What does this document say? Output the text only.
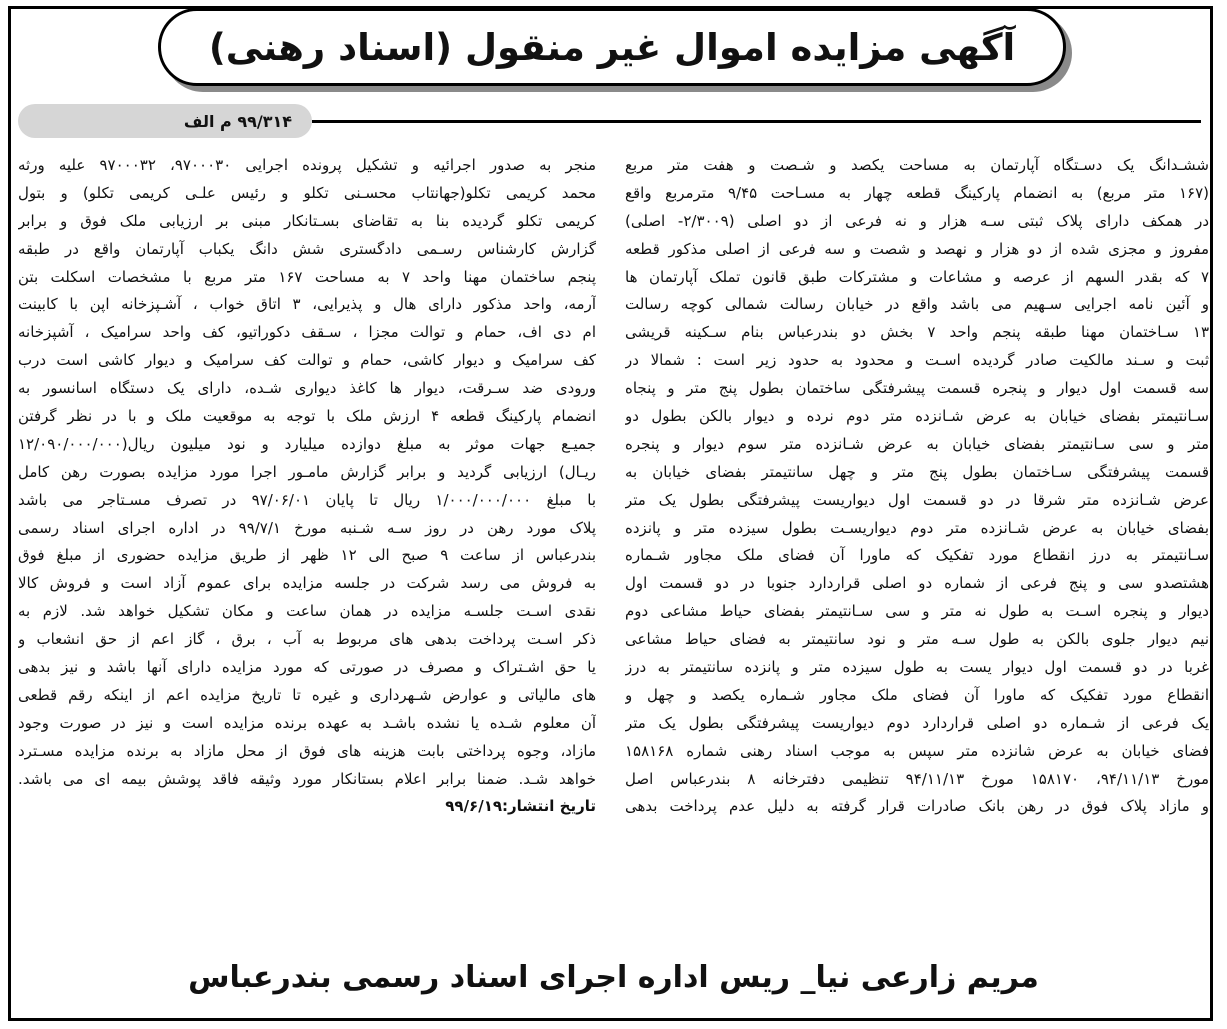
آگهی مزایده اموال غیر منقول (اسناد رهنی)
۹۹/۳۱۴ م الف
ششـدانگ یک دسـتگاه آپارتمان به مساحت یکصد و شـصت و هفت متر مربع
(۱۶۷ متر مربع) به انضمام پارکینگ قطعه چهار به مسـاحت ۹/۴۵ مترمربع واقع
در همکف دارای پلاک ثبتی سـه هزار و نه فرعی از دو اصلی (۲/۳۰۰۹- اصلی)
مفروز و مجزی شده از دو هزار و نهصد و شصت و سه فرعی از اصلی مذکور قطعه
۷ که بقدر السهم از عرصه و مشاعات و مشترکات طبق قانون تملک آپارتمان ها
و آئین نامه اجرایی سـهیم می باشد واقع در خیابان رسالت شمالی کوچه رسالت
۱۳ سـاختمان مهنا طبقه پنجم واحد ۷ بخش دو بندرعباس بنام سـکینه قریشی
ثبت و سـند مالکیت صادر گردیده اسـت و محدود به حدود زیر است : شمالا در
سه قسمت اول دیوار و پنجره قسمت پیشرفتگی ساختمان بطول پنج متر و پنجاه
سـانتیمتر بفضای خیابان به عرض شـانزده متر دوم نرده و دیوار بالکن بطول دو
متر و سی سـانتیمتر بفضای خیابان به عرض شـانزده متر سوم دیوار و پنجره
قسمت پیشرفتگی سـاختمان بطول پنج متر و چهل سانتیمتر بفضای خیابان به
عرض شـانزده متر شرقا در دو قسمت اول دیواریست پیشرفتگی بطول یک متر
بفضای خیابان به عرض شـانزده متر دوم دیواریسـت بطول سیزده متر و پانزده
سـانتیمتر به درز انقطاع مورد تفکیک که ماورا آن فضای ملک مجاور شـماره
هشتصدو سی و پنج فرعی از شماره دو اصلی قراردارد جنوبا در دو قسمت اول
دیوار و پنجره اسـت به طول نه متر و سی سـانتیمتر بفضای حیاط مشاعی دوم
نیم دیوار جلوی بالکن به طول سـه متر و نود سانتیمتر به فضای حیاط مشاعی
غربا در دو قسمت اول دیوار یست به طول سیزده متر و پانزده سانتیمتر به درز
انقطاع مورد تفکیک که ماورا آن فضای ملک مجاور شـماره یکصد و چهل و
یک فرعی از شـماره دو اصلی قراردارد دوم دیواریست پیشرفتگی بطول یک متر
فضای خیابان به عرض شانزده متر سپس به موجب اسناد رهنی شماره ۱۵۸۱۶۸
مورخ ۹۴/۱۱/۱۳، ۱۵۸۱۷۰ مورخ ۹۴/۱۱/۱۳ تنظیمی دفترخانه ۸ بندرعباس اصل
و مازاد پلاک فوق در رهن بانک صادرات قرار گرفته به دلیل عدم پرداخت بدهی
منجر به صدور اجرائیه و تشکیل پرونده اجرایی ۹۷۰۰۰۳۰، ۹۷۰۰۰۳۲ علیه ورثه
محمد کریمی تکلو(جهانتاب محسـنی تکلو و رئیس علـی کریمی تکلو) و بتول
کریمی تکلو گردیده بنا به تقاضای بسـتانکار مبنی بر ارزیابی ملک فوق و برابر
گزارش کارشناس رسـمی دادگستری شش دانگ یکباب آپارتمان واقع در طبقه
پنجم ساختمان مهنا واحد ۷ به مساحت ۱۶۷ متر مربع با مشخصات اسکلت بتن
آرمه، واحد مذکور دارای هال و پذیرایی، ۳ اتاق خواب ، آشـپزخانه اپن با کابینت
ام دی اف، حمام و توالت مجزا ، سـقف دکوراتیو، کف واحد سرامیک ، آشپزخانه
کف سرامیک و دیوار کاشی، حمام و توالت کف سرامیک و دیوار کاشی است درب
ورودی ضد سـرقت، دیوار ها کاغذ دیواری شـده، دارای یک دستگاه اسانسور به
انضمام پارکینگ قطعه ۴ ارزش ملک با توجه به موقعیت ملک و با در نظر گرفتن
جمیـع جهات موثر به مبلغ دوازده میلیارد و نود میلیون ریال(۱۲/۰۹۰/۰۰۰/۰۰۰
ریـال) ارزیابی گردید و برابر گزارش مامـور اجرا مورد مزایده بصورت رهن کامل
با مبلغ ۱/۰۰۰/۰۰۰/۰۰۰ ریال تا پایان ۹۷/۰۶/۰۱ در تصرف مسـتاجر می باشد
پلاک مورد رهن در روز سـه شـنبه مورخ ۹۹/۷/۱ در اداره اجرای اسناد رسمی
بندرعباس از ساعت ۹ صبح الی ۱۲ ظهر از طریق مزایده حضوری از مبلغ فوق
به فروش می رسد شرکت در جلسه مزایده برای عموم آزاد است و فروش کالا
نقدی اسـت جلسـه مزایده در همان ساعت و مکان تشکیل خواهد شد. لازم به
ذکر اسـت پرداخت بدهی های مربوط به آب ، برق ، گاز اعم از حق انشعاب و
یا حق اشـتراک و مصرف در صورتی که مورد مزایده دارای آنها باشد و نیز بدهی
های مالیاتی و عوارض شـهرداری و غیره تا تاریخ مزایده اعم از اینکه رقم قطعی
آن معلوم شـده یا نشده باشـد به عهده برنده مزایده است و نیز در صورت وجود
مازاد، وجوه پرداختی بابت هزینه های فوق از محل مازاد به برنده مزایده مسـترد
خواهد شـد. ضمنا برابر اعلام بستانکار مورد وثیقه فاقد پوشش بیمه ای می باشد.
تاریخ انتشار:۹۹/۶/۱۹
مریم زارعی نیا_ ریس اداره اجرای اسناد رسمی بندرعباس
